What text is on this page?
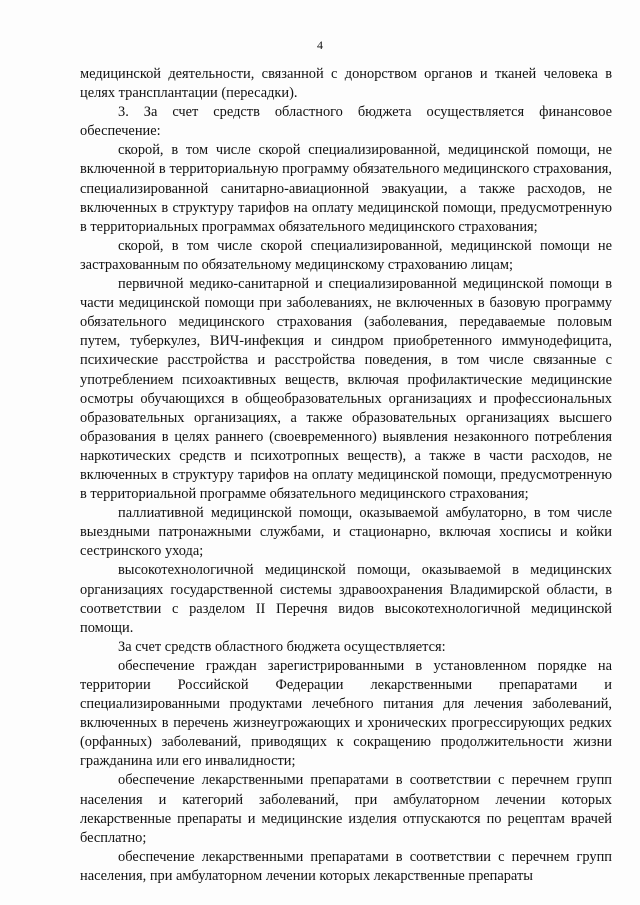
4

медицинской деятельности, связанной с донорством органов и тканей человека в целях трансплантации (пересадки).

3. За счет средств областного бюджета осуществляется финансовое обеспечение:

скорой, в том числе скорой специализированной, медицинской помощи, не включенной в территориальную программу обязательного медицинского страхования, специализированной санитарно-авиационной эвакуации, а также расходов, не включенных в структуру тарифов на оплату медицинской помощи, предусмотренную в территориальных программах обязательного медицинского страхования;

скорой, в том числе скорой специализированной, медицинской помощи не застрахованным по обязательному медицинскому страхованию лицам;

первичной медико-санитарной и специализированной медицинской помощи в части медицинской помощи при заболеваниях, не включенных в базовую программу обязательного медицинского страхования (заболевания, передаваемые половым путем, туберкулез, ВИЧ-инфекция и синдром приобретенного иммунодефицита, психические расстройства и расстройства поведения, в том числе связанные с употреблением психоактивных веществ, включая профилактические медицинские осмотры обучающихся в общеобразовательных организациях и профессиональных образовательных организациях, а также образовательных организациях высшего образования в целях раннего (своевременного) выявления незаконного потребления наркотических средств и психотропных веществ), а также в части расходов, не включенных в структуру тарифов на оплату медицинской помощи, предусмотренную в территориальной программе обязательного медицинского страхования;

паллиативной медицинской помощи, оказываемой амбулаторно, в том числе выездными патронажными службами, и стационарно, включая хосписы и койки сестринского ухода;

высокотехнологичной медицинской помощи, оказываемой в медицинских организациях государственной системы здравоохранения Владимирской области, в соответствии с разделом II Перечня видов высокотехнологичной медицинской помощи.

За счет средств областного бюджета осуществляется:

обеспечение граждан зарегистрированными в установленном порядке на территории Российской Федерации лекарственными препаратами и специализированными продуктами лечебного питания для лечения заболеваний, включенных в перечень жизнеугрожающих и хронических прогрессирующих редких (орфанных) заболеваний, приводящих к сокращению продолжительности жизни гражданина или его инвалидности;

обеспечение лекарственными препаратами в соответствии с перечнем групп населения и категорий заболеваний, при амбулаторном лечении которых лекарственные препараты и медицинские изделия отпускаются по рецептам врачей бесплатно;

обеспечение лекарственными препаратами в соответствии с перечнем групп населения, при амбулаторном лечении которых лекарственные препараты
